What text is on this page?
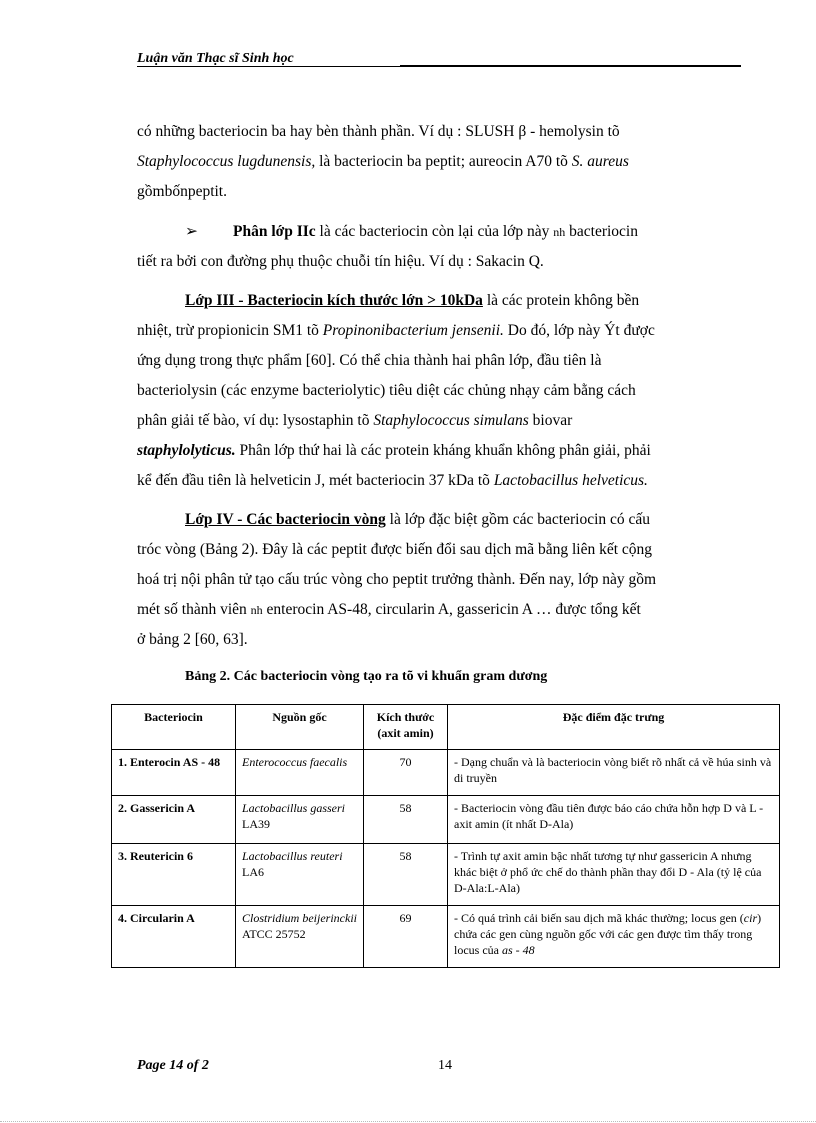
Luận văn Thạc sĩ Sinh học
có những bacteriocin ba hay bèn thành phần. Ví dụ : SLUSH β - hemolysin tõ
Staphylococcus lugdunensis, là bacteriocin ba peptit; aureocin A70 tõ S. aureus
gồmbốnpeptit.
➢ Phân lớp IIc là các bacteriocin còn lại của lớp này nh bacteriocin
tiết ra bởi con đường phụ thuộc chuỗi tín hiệu. Ví dụ : Sakacin Q.
Lớp III - Bacteriocin kích thước lớn > 10kDa là các protein không bền
nhiệt, trừ propionicin SM1 tõ Propinonibacterium jensenii. Do đó, lớp này Ýt được
ứng dụng trong thực phẩm [60]. Có thể chia thành hai phân lớp, đầu tiên là
bacteriolysin (các enzyme bacteriolytic) tiêu diệt các chủng nhạy cảm bằng cách
phân giải tế bào, ví dụ: lysostaphin tõ Staphylococcus simulans biovar
staphylolyticus. Phân lớp thứ hai là các protein kháng khuẩn không phân giải, phải
kể đến đầu tiên là helveticin J, mét bacteriocin 37 kDa tõ Lactobacillus helveticus.
Lớp IV - Các bacteriocin vòng là lớp đặc biệt gồm các bacteriocin có cấu
tróc vòng (Bảng 2). Đây là các peptit được biến đổi sau dịch mã bằng liên kết cộng
hoá trị nội phân tử tạo cấu trúc vòng cho peptit trưởng thành. Đến nay, lớp này gồm
mét số thành viên nh enterocin AS-48, circularin A, gassericin A … được tổng kết
ở bảng 2 [60, 63].
Bảng 2. Các bacteriocin vòng tạo ra tõ vi khuẩn gram dương
Bacteriocin	Nguồn gốc	Kích thước (axit amin)	Đặc điểm đặc trưng
1. Enterocin AS - 48	Enterococcus faecalis	70	- Dạng chuẩn và là bacteriocin vòng biết rõ nhất cả về húa sinh và di truyền
2. Gassericin A	Lactobacillus gasseri LA39	58	- Bacteriocin vòng đầu tiên được báo cáo chứa hỗn hợp D và L - axit amin (ít nhất D-Ala)
3. Reutericin 6	Lactobacillus reuteri LA6	58	- Trình tự axit amin bậc nhất tương tự như gassericin A nhưng khác biệt ở phổ ức chế do thành phần thay đổi D - Ala (tỷ lệ của D-Ala:L-Ala)
4. Circularin A	Clostridium beijerinckii ATCC 25752	69	- Có quá trình cải biến sau dịch mã khác thường; locus gen (cir) chứa các gen cùng nguồn gốc với các gen được tìm thấy trong locus của as - 48
Page 14 of 2	14
